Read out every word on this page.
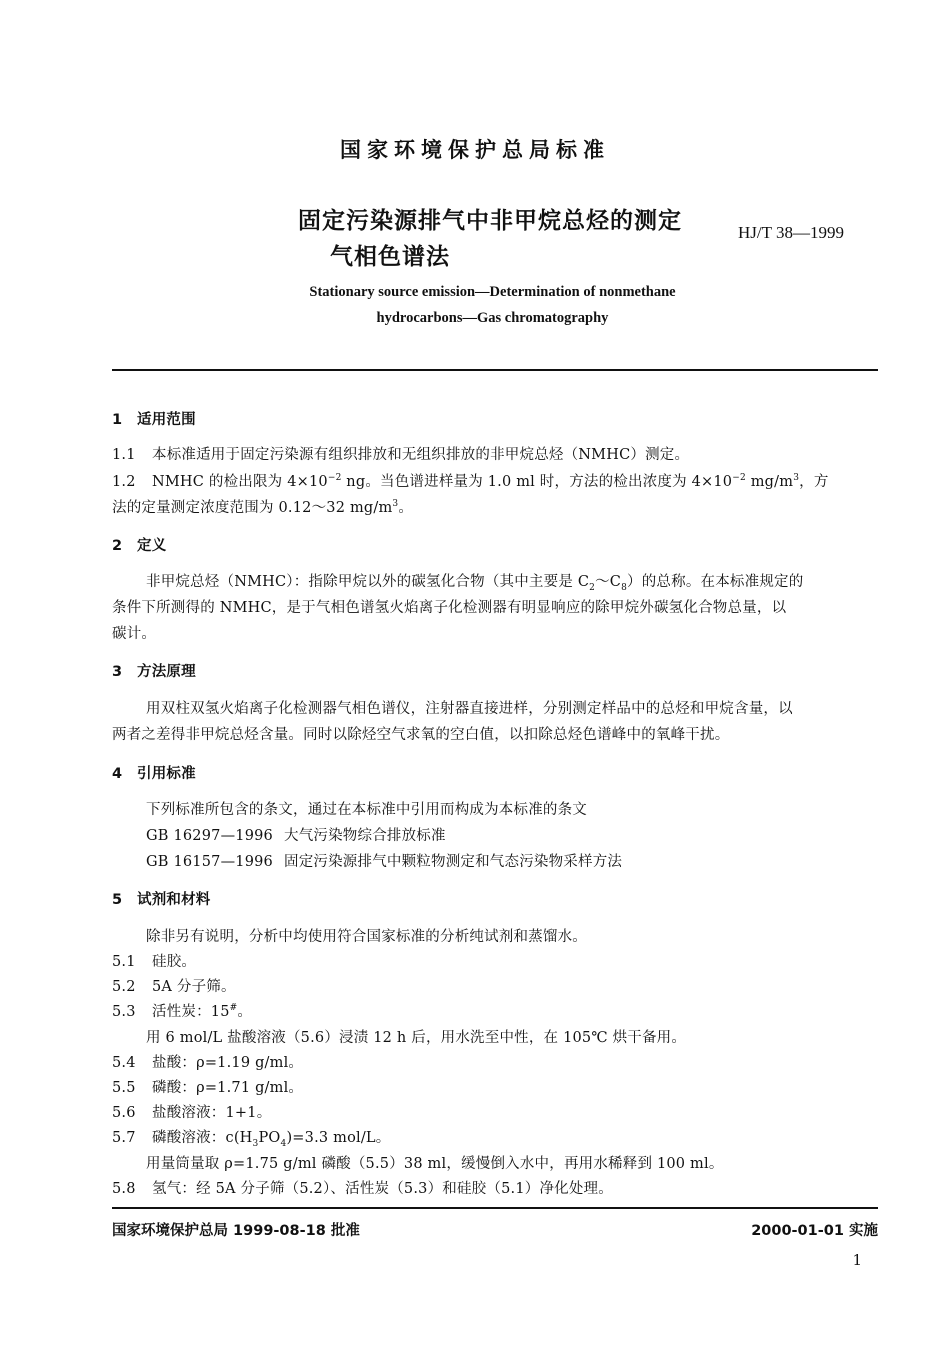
国家环境保护总局标准
固定污染源排气中非甲烷总烃的测定
气相色谱法
HJ/T 38—1999
Stationary source emission—Determination of nonmethane
hydrocarbons—Gas chromatography
1　适用范围
1.1 本标准适用于固定污染源有组织排放和无组织排放的非甲烷总烃（NMHC）测定。
1.2 NMHC 的检出限为 $4\times 10^{-2}$ ng。当色谱进样量为 1.0 ml 时，方法的检出浓度为 $4\times 10^{-2}$ $mg/m^3$，方
法的定量测定浓度范围为 0.12～32 $mg/m^3$。
2　定义
非甲烷总烃（NMHC）：指除甲烷以外的碳氢化合物（其中主要是 $C_2\sim C_8$）的总称。在本标准规定的
条件下所测得的 NMHC，是于气相色谱氢火焰离子化检测器有明显响应的除甲烷外碳氢化合物总量，以
碳计。
3　方法原理
用双柱双氢火焰离子化检测器气相色谱仪，注射器直接进样，分别测定样品中的总烃和甲烷含量，以
两者之差得非甲烷总烃含量。同时以除烃空气求氧的空白值，以扣除总烃色谱峰中的氧峰干扰。
4　引用标准
下列标准所包含的条文，通过在本标准中引用而构成为本标准的条文
GB 16297—1996 大气污染物综合排放标准
GB 16157—1996 固定污染源排气中颗粒物测定和气态污染物采样方法
5　试剂和材料
除非另有说明，分析中均使用符合国家标准的分析纯试剂和蒸馏水。
5.1 硅胶。
5.2 5A 分子筛。
5.3 活性炭：15#。
用 6 mol/L 盐酸溶液（5.6）浸渍 12 h 后，用水洗至中性，在 105℃ 烘干备用。
5.4 盐酸：ρ=1.19 g/ml。
5.5 磷酸：ρ=1.71 g/ml。
5.6 盐酸溶液：1+1。
5.7 磷酸溶液：$c(H_3PO_4)=3.3$ mol/L。
用量筒量取 ρ=1.75 g/ml 磷酸（5.5）38 ml，缓慢倒入水中，再用水稀释到 100 ml。
5.8 氢气：经 5A 分子筛（5.2）、活性炭（5.3）和硅胶（5.1）净化处理。
国家环境保护总局 1999-08-18 批准	2000-01-01 实施
1
